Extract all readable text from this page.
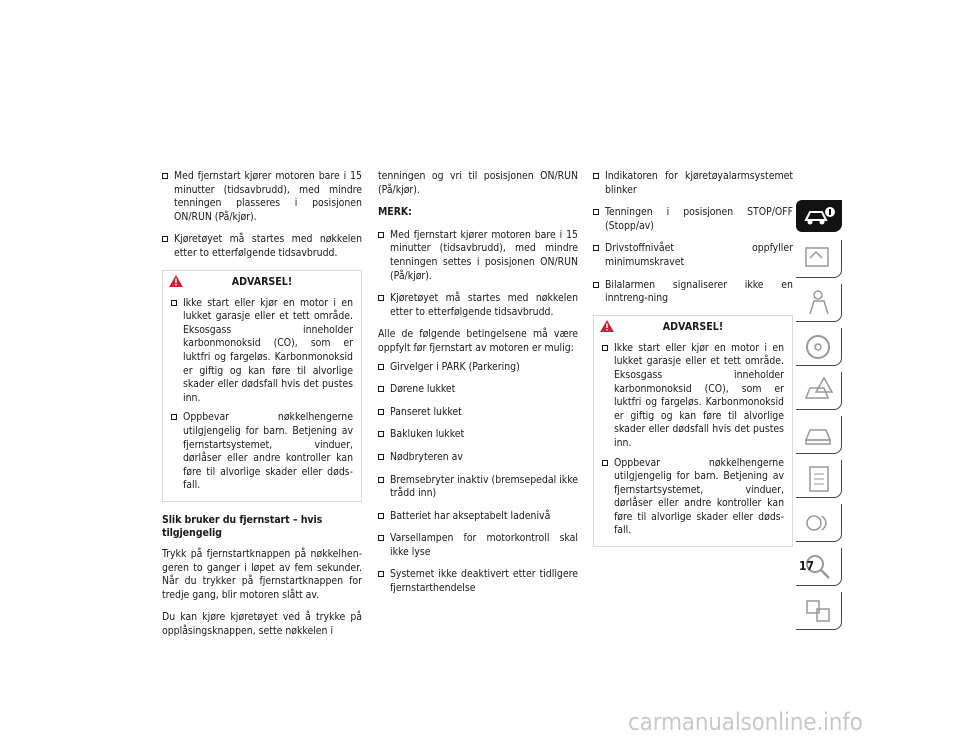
Med fjernstart kjører motoren bare i 15 minutter (tidsavbrudd), med mindre tenningen plasseres i posisjonen ON/RUN (På/kjør).
Kjøretøyet må startes med nøkkelen etter to etterfølgende tidsavbrudd.
ADVARSEL!
Ikke start eller kjør en motor i en lukket garasje eller et tett område. Eksosgass inneholder karbonmonoksid (CO), som er luktfri og fargeløs. Karbonmonoksid er giftig og kan føre til alvorlige skader eller dødsfall hvis det pustes inn.
Oppbevar nøkkelhengerne utilgjengelig for barn. Betjening av fjernstartsystemet, vinduer, dørlåser eller andre kontroller kan føre til alvorlige skader eller døds-fall.
Slik bruker du fjernstart – hvis tilgjengelig

Trykk på fjernstartknappen på nøkkelhen-geren to ganger i løpet av fem sekunder. Når du trykker på fjernstartknappen for tredje gang, blir motoren slått av.

Du kan kjøre kjøretøyet ved å trykke på opplåsingsknappen, sette nøkkelen i

tenningen og vri til posisjonen ON/RUN (På/kjør).

MERK:
Med fjernstart kjører motoren bare i 15 minutter (tidsavbrudd), med mindre tenningen settes i posisjonen ON/RUN (På/kjør).
Kjøretøyet må startes med nøkkelen etter to etterfølgende tidsavbrudd.

Alle de følgende betingelsene må være oppfylt før fjernstart av motoren er mulig:

Girvelger i PARK (Parkering)
Dørene lukket
Panseret lukket
Bakluken lukket
Nødbryteren av
Bremsebryter inaktiv (bremsepedal ikke trådd inn)
Batteriet har akseptabelt ladenivå
Varsellampen for motorkontroll skal ikke lyse
Systemet ikke deaktivert etter tidligere fjernstarthendelse
Indikatoren for kjøretøyalarmsystemet blinker
Tenningen i posisjonen STOP/OFF (Stopp/av)
Drivstoffnivået oppfyller minimumskravet
Bilalarmen signaliserer ikke en inntreng-ning
ADVARSEL!
Ikke start eller kjør en motor i en lukket garasje eller et tett område. Eksosgass inneholder karbonmonoksid (CO), som er luktfri og fargeløs. Karbonmonoksid er giftig og kan føre til alvorlige skader eller dødsfall hvis det pustes inn.
Oppbevar nøkkelhengerne utilgjengelig for barn. Betjening av fjernstartsystemet, vinduer, dørlåser eller andre kontroller kan føre til alvorlige skader eller døds-fall.
17
carmanualsonline.info
